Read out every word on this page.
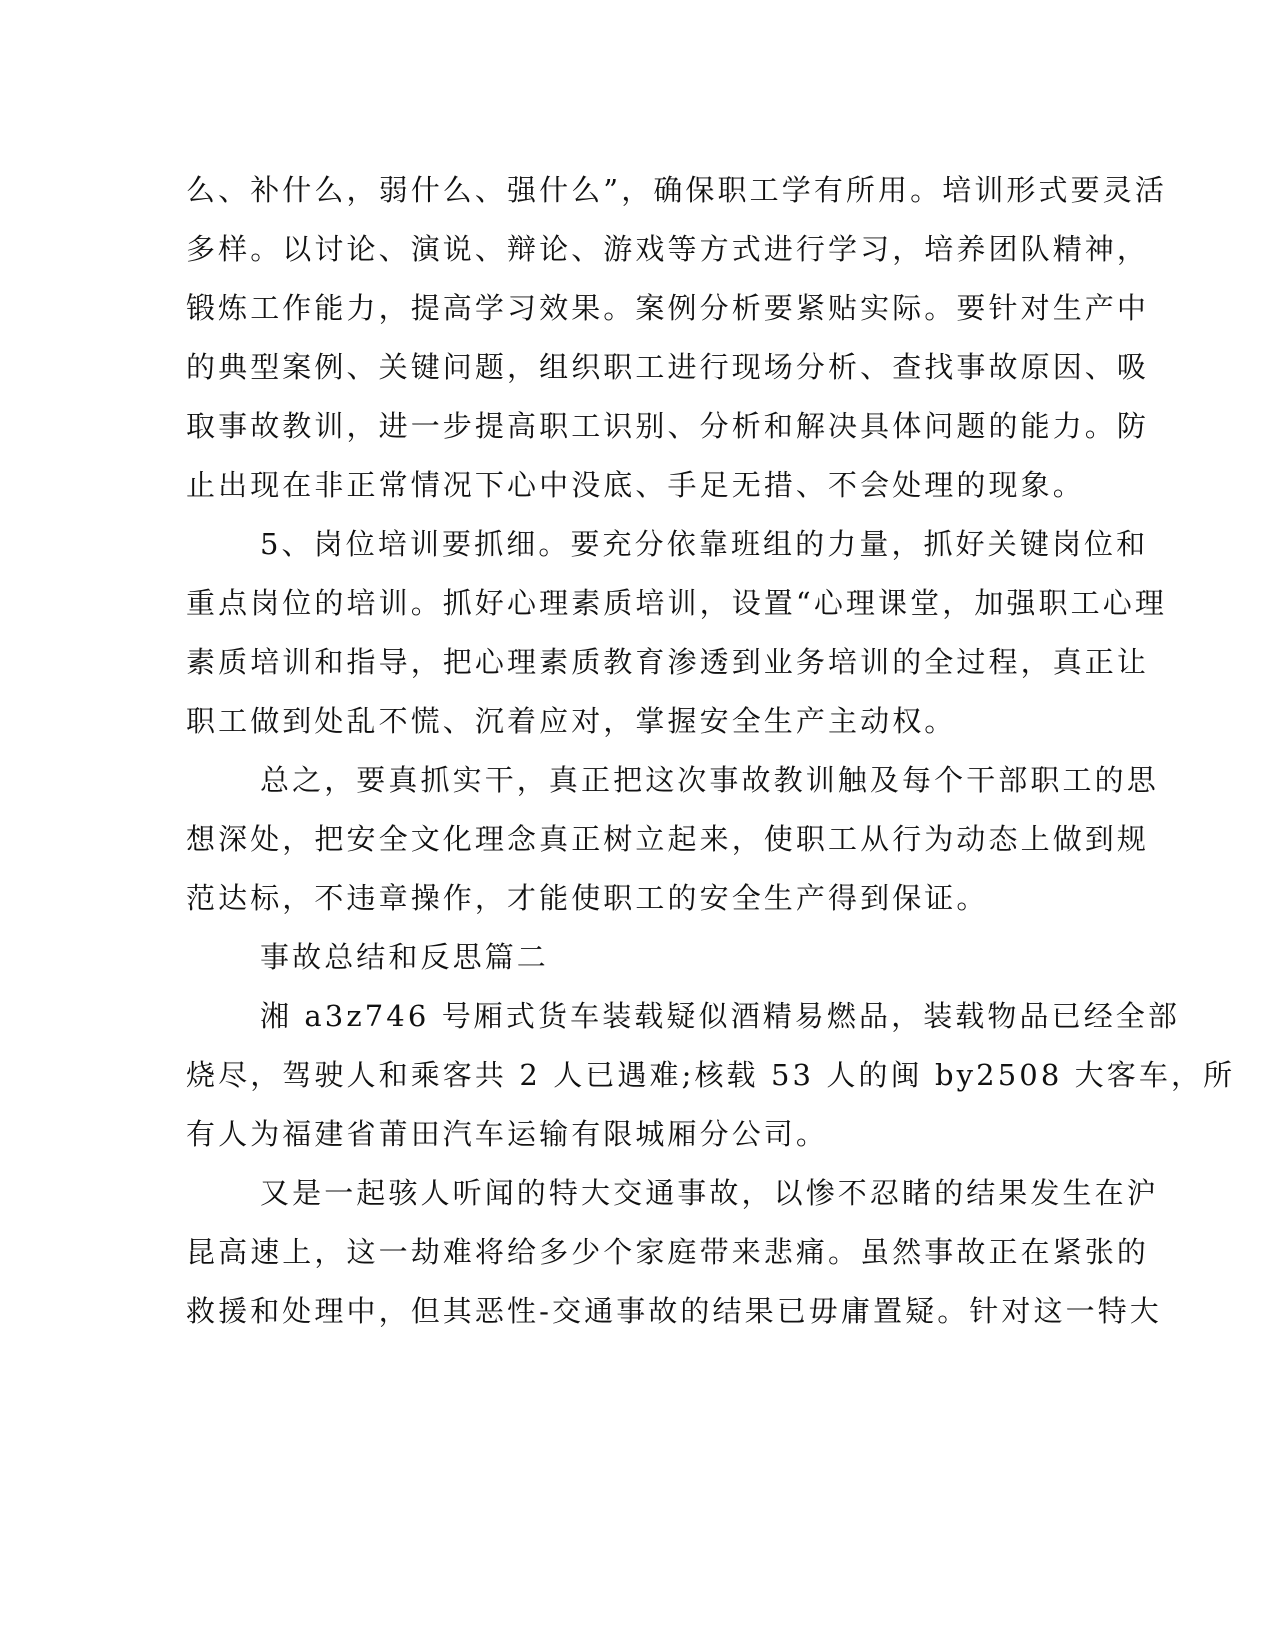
么、补什么，弱什么、强什么”，确保职工学有所用。培训形式要灵活
多样。以讨论、演说、辩论、游戏等方式进行学习，培养团队精神，
锻炼工作能力，提高学习效果。案例分析要紧贴实际。要针对生产中
的典型案例、关键问题，组织职工进行现场分析、查找事故原因、吸
取事故教训，进一步提高职工识别、分析和解决具体问题的能力。防
止出现在非正常情况下心中没底、手足无措、不会处理的现象。
5、岗位培训要抓细。要充分依靠班组的力量，抓好关键岗位和
重点岗位的培训。抓好心理素质培训，设置“心理课堂，加强职工心理
素质培训和指导，把心理素质教育渗透到业务培训的全过程，真正让
职工做到处乱不慌、沉着应对，掌握安全生产主动权。
总之，要真抓实干，真正把这次事故教训触及每个干部职工的思
想深处，把安全文化理念真正树立起来，使职工从行为动态上做到规
范达标，不违章操作，才能使职工的安全生产得到保证。
事故总结和反思篇二
湘 a3z746 号厢式货车装载疑似酒精易燃品，装载物品已经全部
烧尽，驾驶人和乘客共 2 人已遇难;核载 53 人的闽 by2508 大客车，所
有人为福建省莆田汽车运输有限城厢分公司。
又是一起骇人听闻的特大交通事故，以惨不忍睹的结果发生在沪
昆高速上，这一劫难将给多少个家庭带来悲痛。虽然事故正在紧张的
救援和处理中，但其恶性-交通事故的结果已毋庸置疑。针对这一特大
